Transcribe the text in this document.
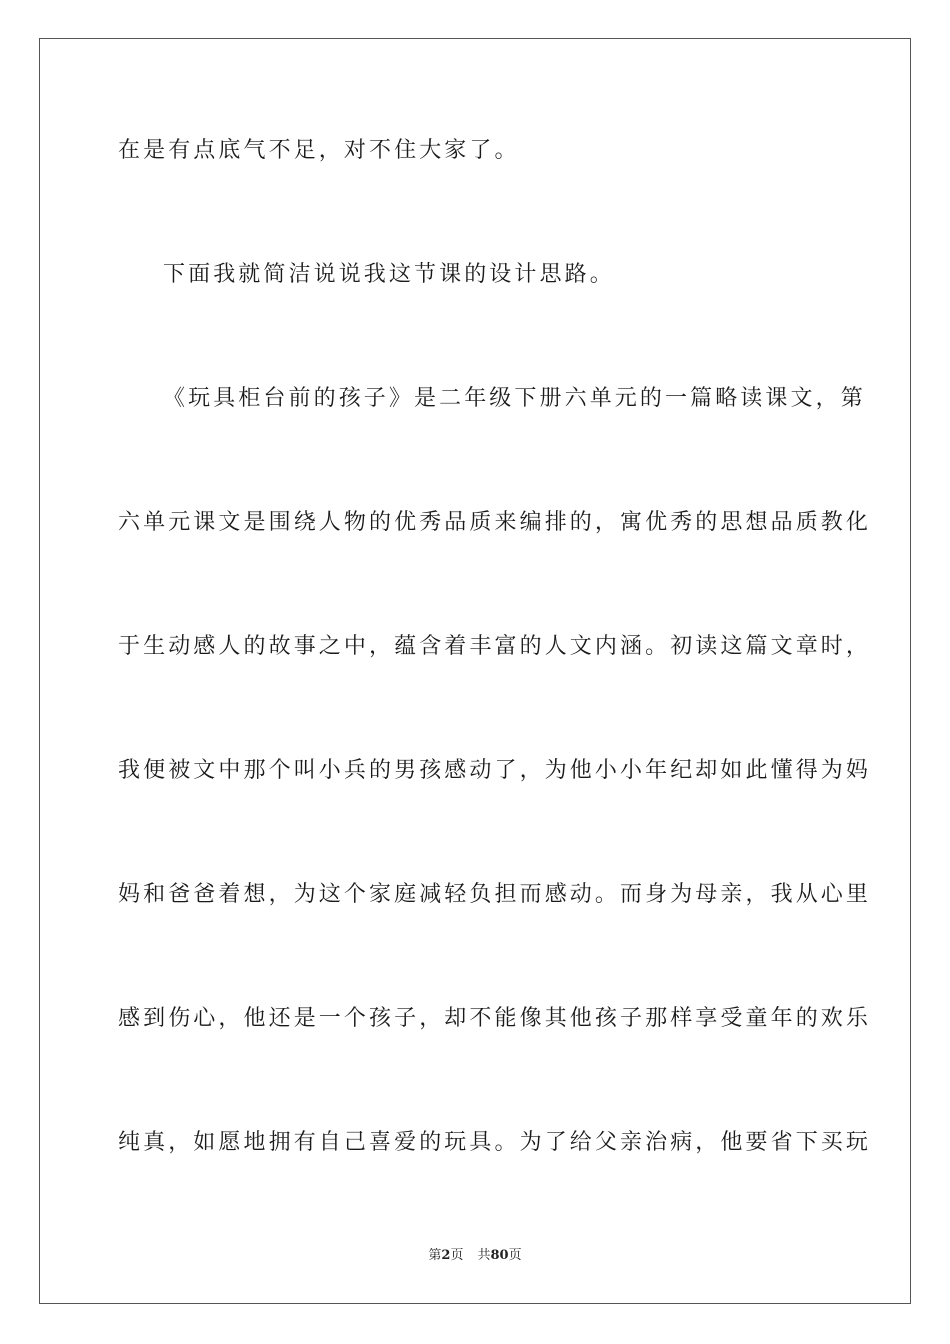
在是有点底气不足，对不住大家了。

下面我就简洁说说我这节课的设计思路。

《玩具柜台前的孩子》是二年级下册六单元的一篇略读课文，第

六单元课文是围绕人物的优秀品质来编排的，寓优秀的思想品质教化

于生动感人的故事之中，蕴含着丰富的人文内涵。初读这篇文章时，

我便被文中那个叫小兵的男孩感动了，为他小小年纪却如此懂得为妈

妈和爸爸着想，为这个家庭减轻负担而感动。而身为母亲，我从心里

感到伤心，他还是一个孩子，却不能像其他孩子那样享受童年的欢乐

纯真，如愿地拥有自己喜爱的玩具。为了给父亲治病，他要省下买玩

第2页 共80页
